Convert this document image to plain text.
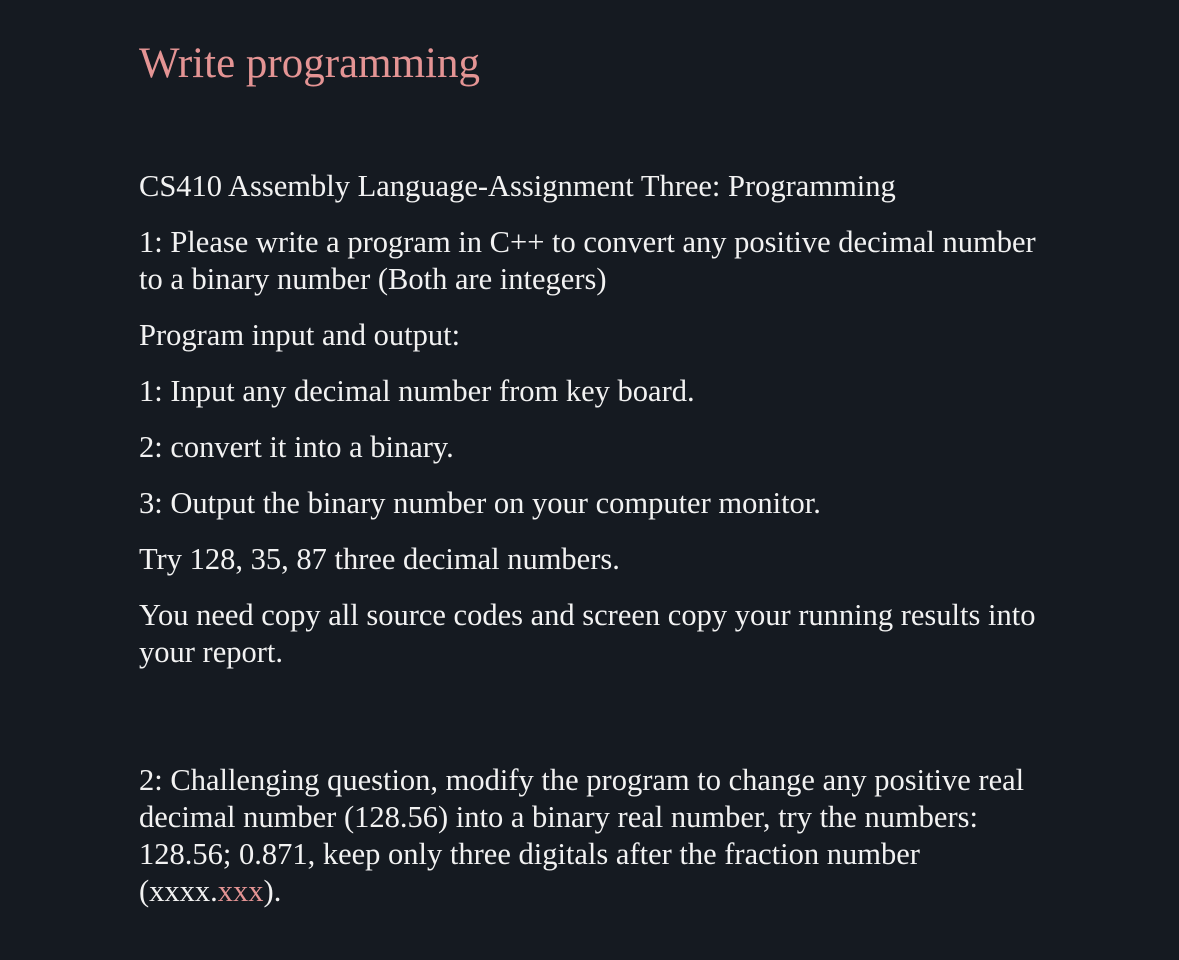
Write programming

CS410 Assembly Language-Assignment Three: Programming

1: Please write a program in C++ to convert any positive decimal number to a binary number (Both are integers)

Program input and output:

1: Input any decimal number from key board.

2: convert it into a binary.

3: Output the binary number on your computer monitor.

Try 128, 35, 87 three decimal numbers.

You need copy all source codes and screen copy your running results into your report.

2: Challenging question, modify the program to change any positive real decimal number (128.56) into a binary real number, try the numbers: 128.56; 0.871, keep only three digitals after the fraction number (xxxx.xxx).
